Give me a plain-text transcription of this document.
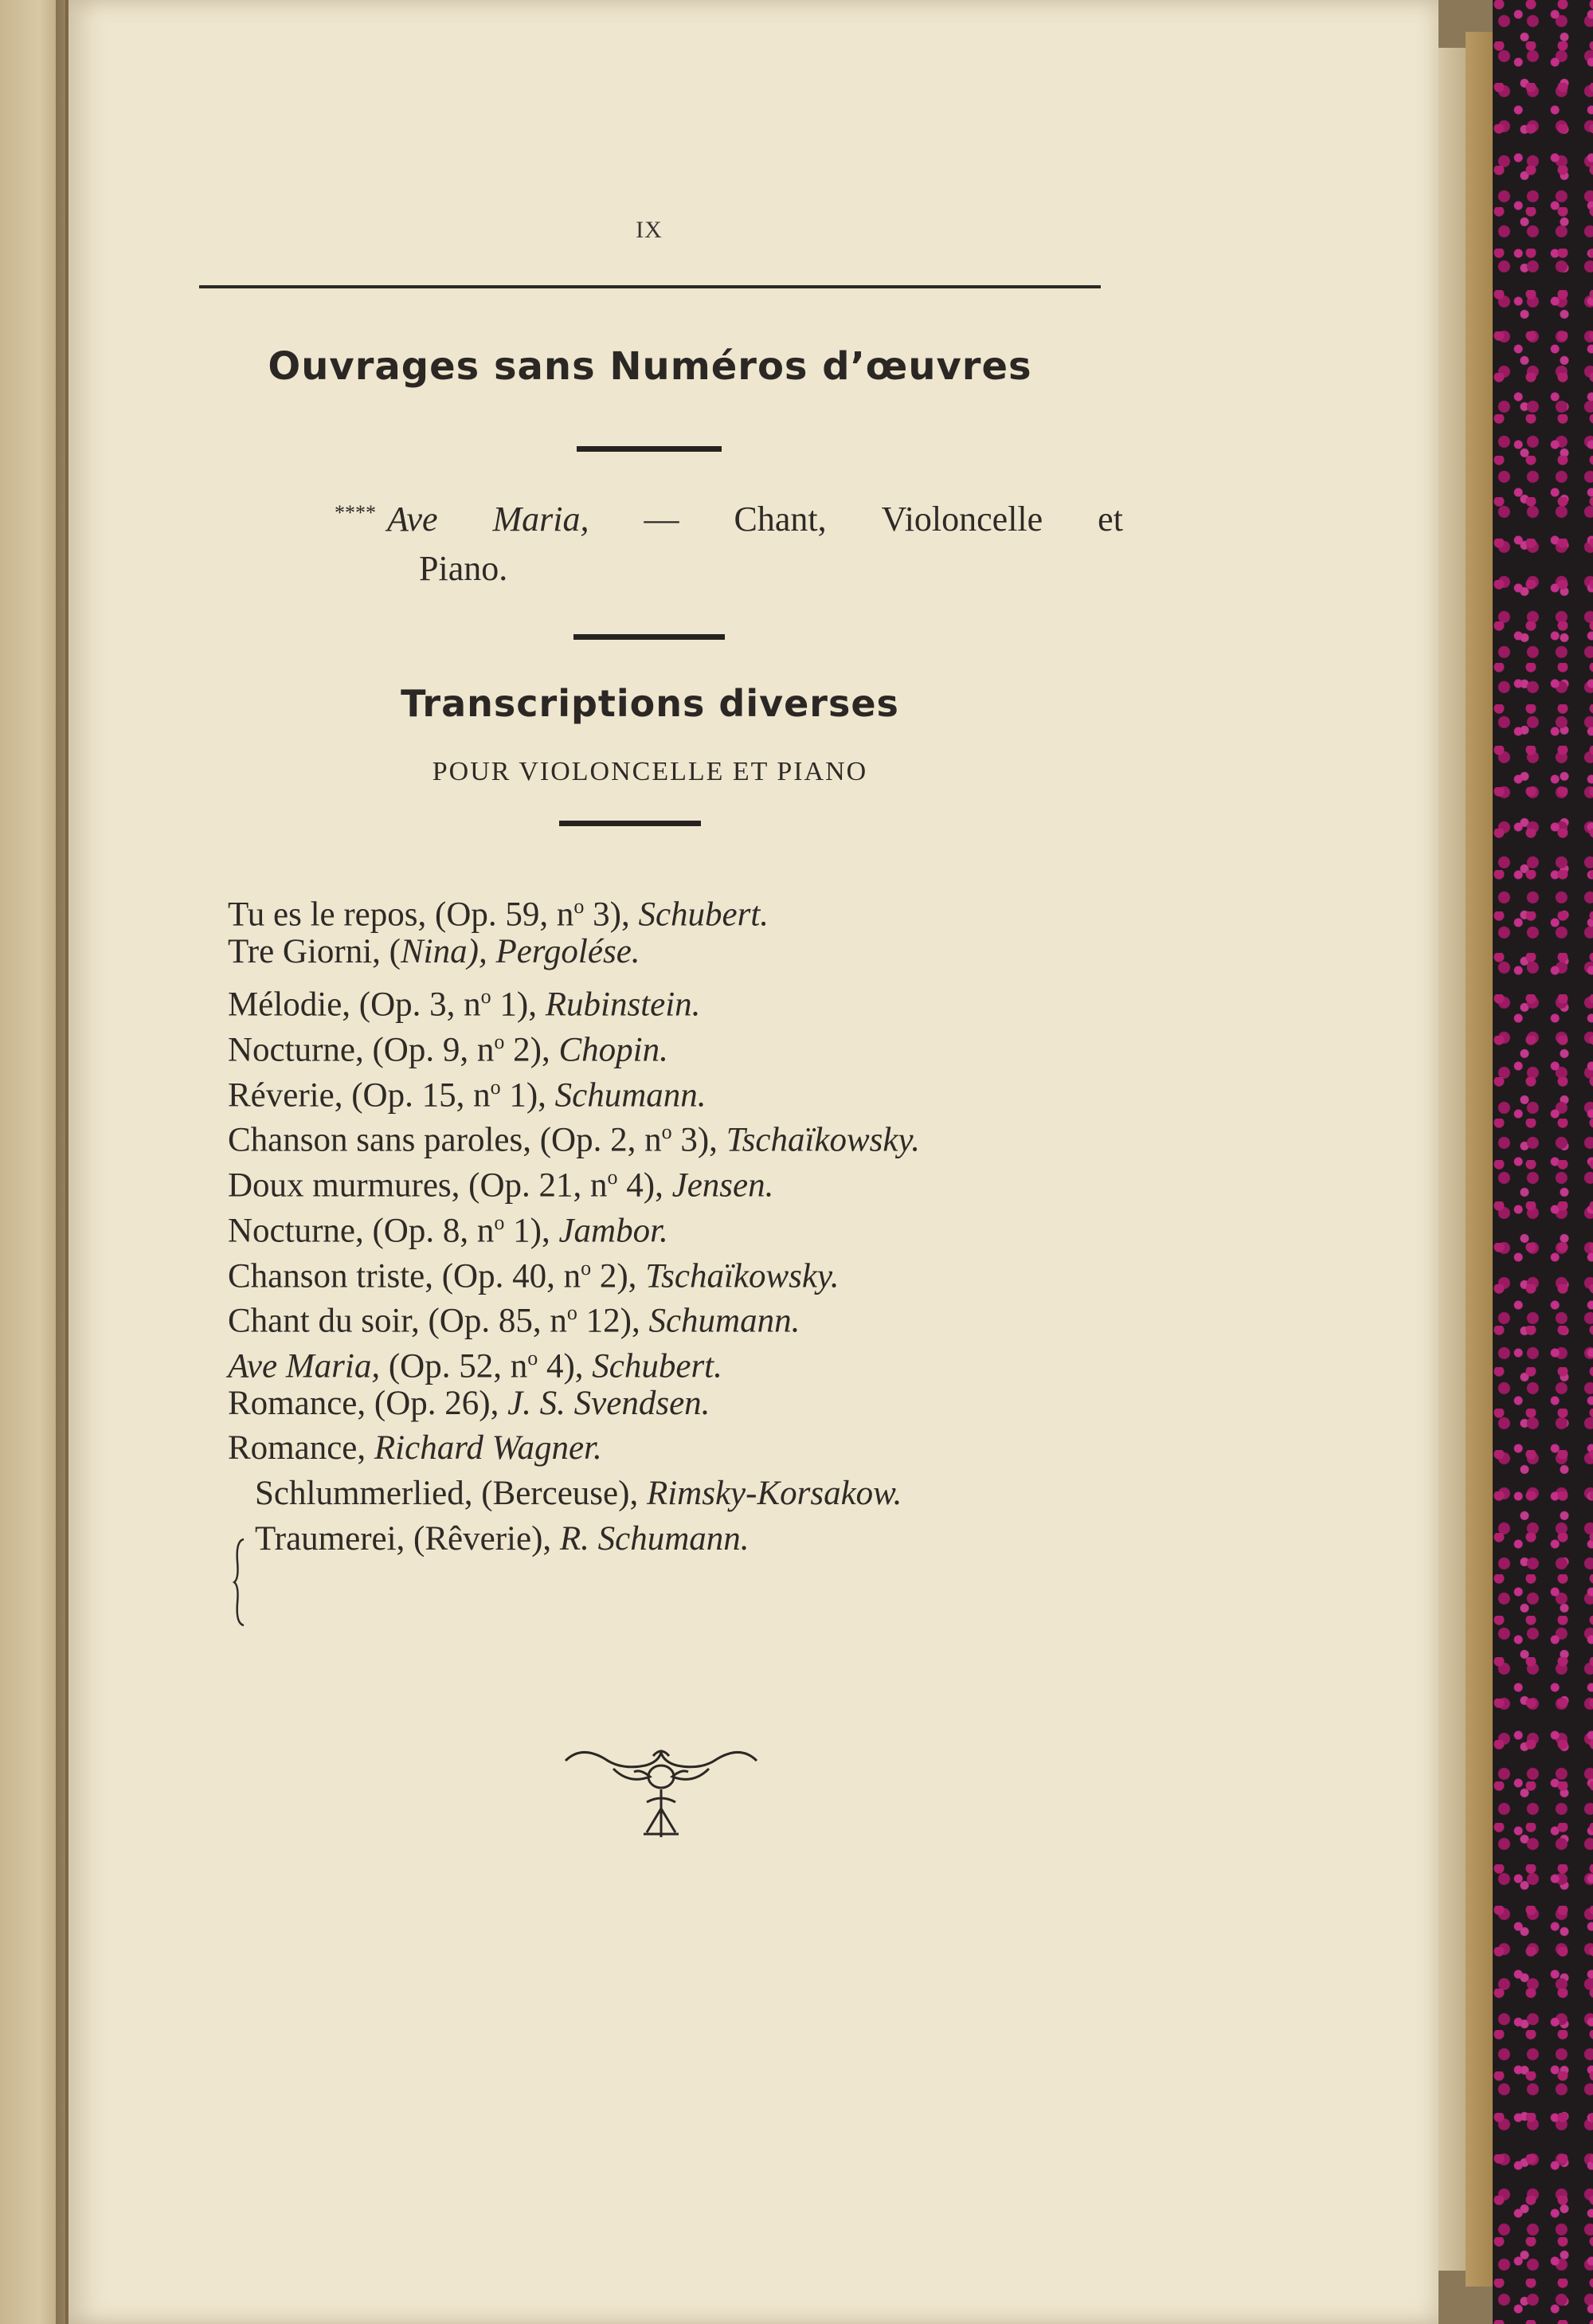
IX
Ouvrages sans Numéros d’œuvres
**** Ave Maria, — Chant, Violoncelle et
Piano.
Transcriptions diverses
POUR VIOLONCELLE ET PIANO
Tu es le repos, (Op. 59, $n^o$ 3), Schubert.
Tre Giorni, (Nina), Pergolése.
Mélodie, (Op. 3, $n^o$ 1), Rubinstein.
Nocturne, (Op. 9, $n^o$ 2), Chopin.
Réverie, (Op. 15, $n^o$ 1), Schumann.
Chanson sans paroles, (Op. 2, $n^o$ 3), Tschaïkowsky.
Doux murmures, (Op. 21, $n^o$ 4), Jensen.
Nocturne, (Op. 8, $n^o$ 1), Jambor.
Chanson triste, (Op. 40, $n^o$ 2), Tschaïkowsky.
Chant du soir, (Op. 85, $n^o$ 12), Schumann.
Ave Maria, (Op. 52, $n^o$ 4), Schubert.
Romance, (Op. 26), J. S. Svendsen.
Romance, Richard Wagner.
Schlummerlied, (Berceuse), Rimsky-Korsakow.
Traumerei, (Rêverie), R. Schumann.
